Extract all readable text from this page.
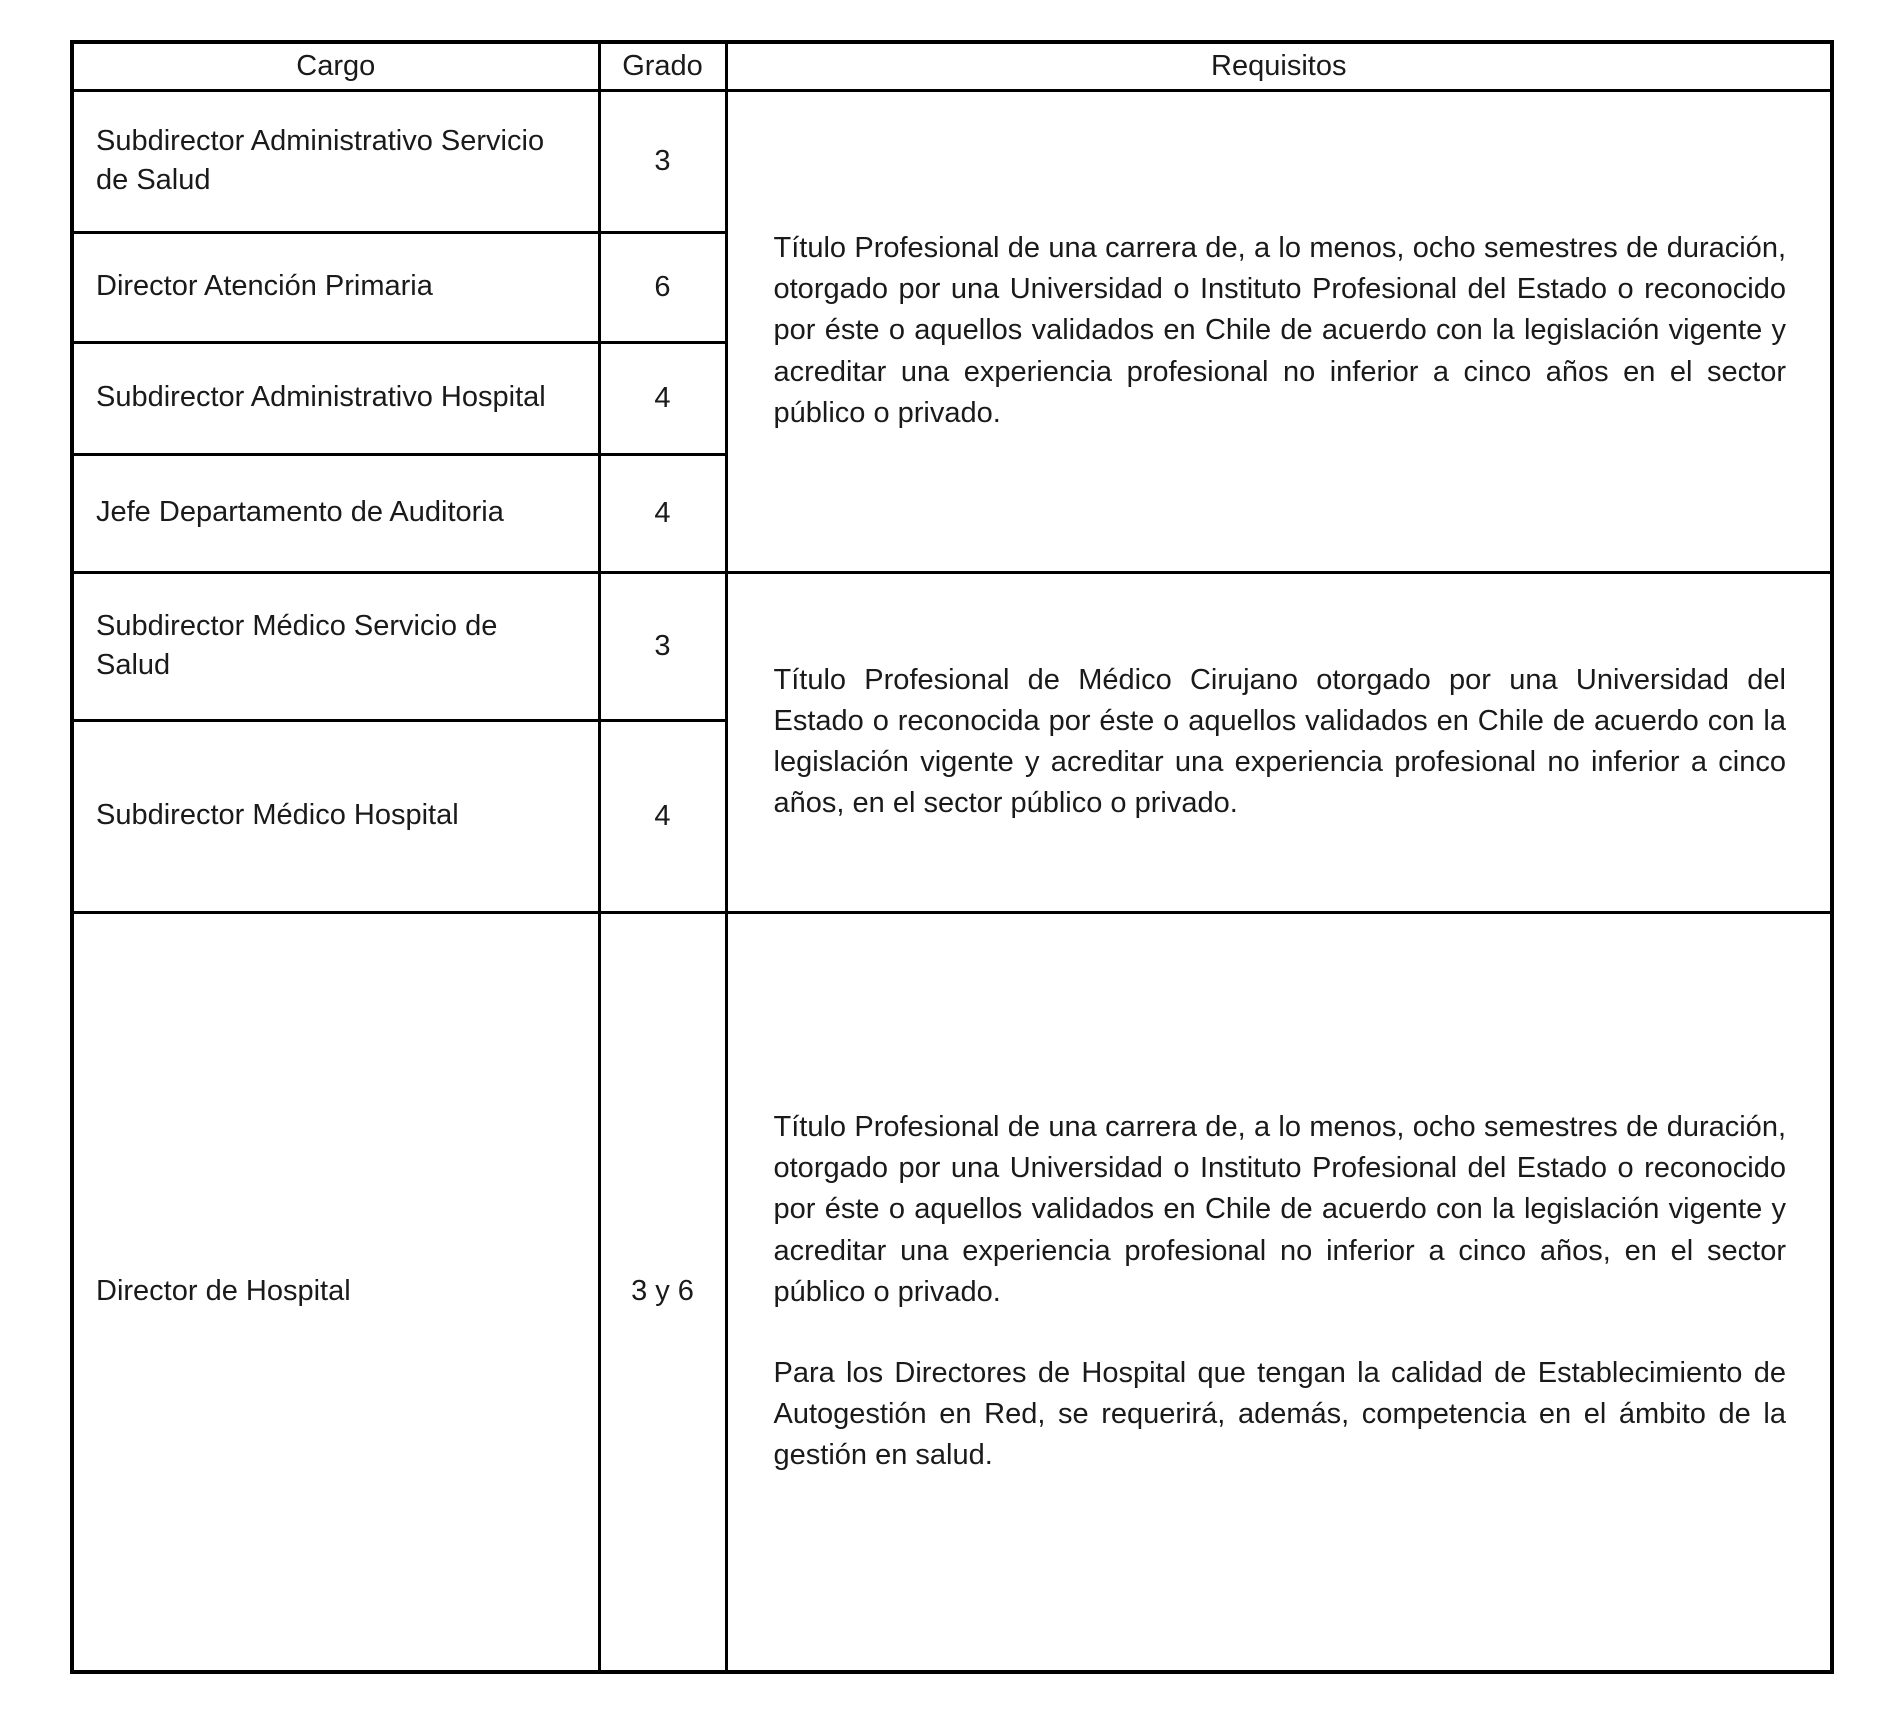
Cargo	Grado	Requisitos
Subdirector Administrativo Servicio de Salud	3	Título Profesional de una carrera de, a lo menos, ocho semestres de duración, otorgado por una Universidad o Instituto Profesional del Estado o reconocido por éste o aquellos validados en Chile de acuerdo con la legislación vigente y acreditar una experiencia profesional no inferior a cinco años en el sector público o privado.

Director Atención Primaria	6	
Subdirector Administrativo Hospital	4	
Jefe Departamento de Auditoria	4	
Subdirector Médico Servicio de Salud	3	Título Profesional de Médico Cirujano otorgado por una Universidad del Estado o reconocida por éste o aquellos validados en Chile de acuerdo con la legislación vigente y acreditar una experiencia profesional no inferior a cinco años, en el sector público o privado.

Subdirector Médico Hospital	4	
Director de Hospital	3 y 6	Título Profesional de una carrera de, a lo menos, ocho semestres de duración, otorgado por una Universidad o Instituto Profesional del Estado o reconocido por éste o aquellos validados en Chile de acuerdo con la legislación vigente y acreditar una experiencia profesional no inferior a cinco años, en el sector público o privado.

Para los Directores de Hospital que tengan la calidad de Establecimiento de Autogestión en Red, se requerirá, además, competencia en el ámbito de la gestión en salud.
